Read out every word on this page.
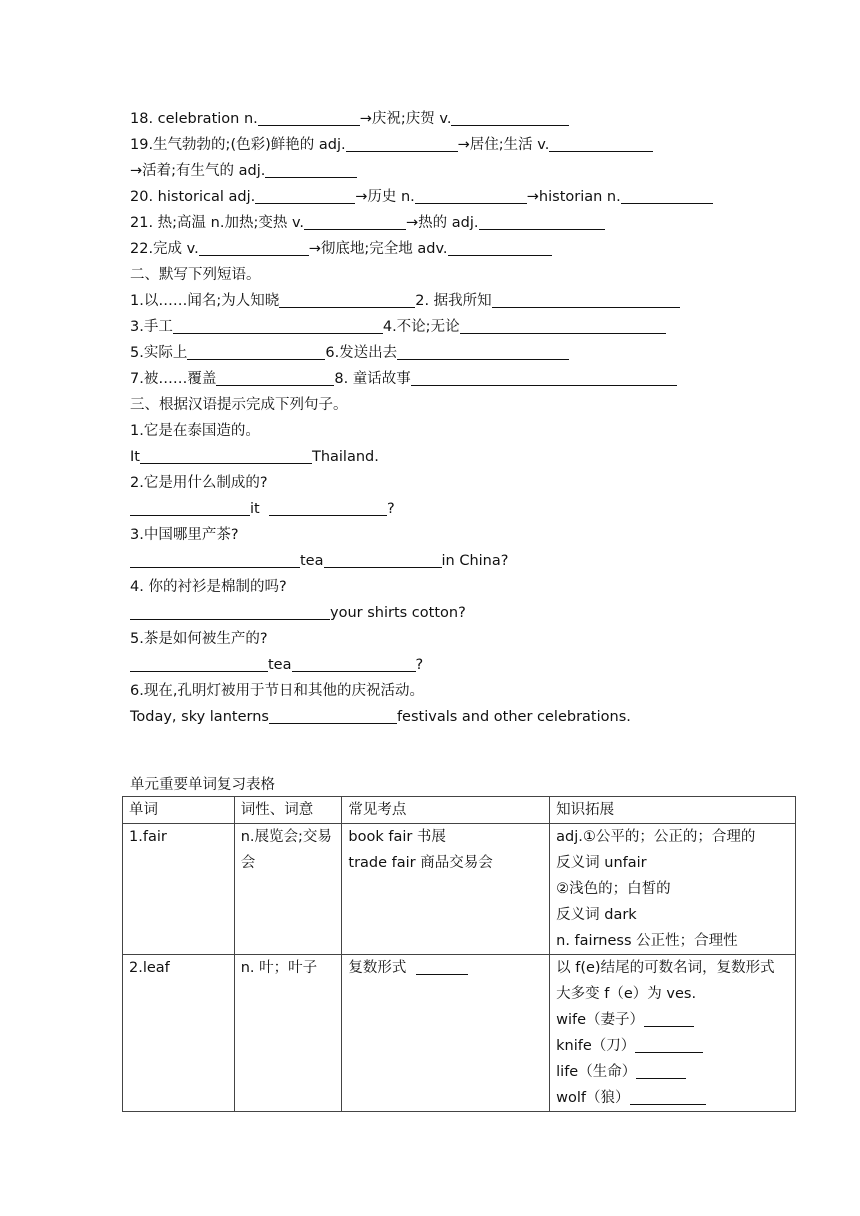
18. celebration n.	→庆祝;庆贺 v.
19.生气勃勃的;(色彩)鲜艳的 adj.	→居住;生活 v.
→活着;有生气的 adj.
20. historical adj.	→历史 n.	→historian n.
21. 热;高温 n.加热;变热 v.	→热的 adj.
22.完成 v.	→彻底地;完全地 adv.
二、默写下列短语。
1.以……闻名;为人知晓	2. 据我所知
3.手工	4.不论;无论
5.实际上	6.发送出去
7.被……覆盖	8. 童话故事
三、根据汉语提示完成下列句子。
1.它是在泰国造的。
It	Thailand.
2.它是用什么制成的?
it	?
3.中国哪里产茶?
tea	in China?
4. 你的衬衫是棉制的吗?
your shirts cotton?
5.茶是如何被生产的?
tea	?
6.现在,孔明灯被用于节日和其他的庆祝活动。
Today, sky lanterns	festivals and other celebrations.
单元重要单词复习表格
单词	词性、词意	常见考点	知识拓展
1.fair	n.展览会;交易会	book fair 书展
trade fair 商品交易会	adj.①公平的；公正的；合理的
反义词 unfair
②浅色的；白皙的
反义词 dark
n. fairness 公正性；合理性

2.leaf	n. 叶；叶子	复数形式	以 f(e)结尾的可数名词，复数形式大多变 f（e）为 ves.
wife（妻子）
knife（刀）
life（生命）
wolf（狼）
